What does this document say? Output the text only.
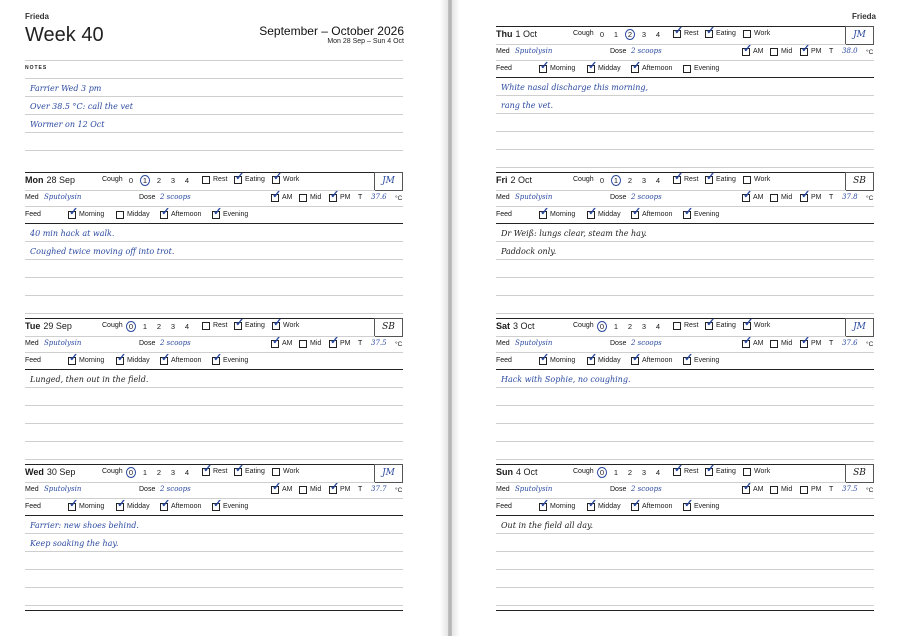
Frieda
Week 40	September – October 2026
Mon 28 Sep – Sun 4 Oct
NOTES
Farrier Wed 3 pm
Over 38.5 °C: call the vet
Wormer on 12 Oct
Mon 28 Sep	Cough 0	1	2	3	4	Rest ✓ Eating ✓ Work	JM
Med Sputolysin	Dose 2 scoops	✓ AM	Mid ✓ PM T 37.6 °C
Feed	✓ Morning	Midday ✓ Afternoon ✓ Evening
40 min hack at walk.
Coughed twice moving off into trot.
Tue 29 Sep	Cough 0	1	2	3	4	Rest ✓ Eating ✓ Work	SB
Med Sputolysin	Dose 2 scoops	✓ AM	Mid ✓ PM T 37.5 °C
Feed	✓ Morning ✓ Midday ✓ Afternoon ✓ Evening
Lunged, then out in the field.
Wed 30 Sep	Cough 0	1	2	3	4 ✓ Rest ✓ Eating	Work	JM
Med Sputolysin	Dose 2 scoops	✓ AM	Mid ✓ PM T 37.7 °C
Feed	✓ Morning ✓ Midday ✓ Afternoon ✓ Evening
Farrier: new shoes behind.
Keep soaking the hay.
Frieda
Thu 1 Oct	Cough 0	1	2	3	4 ✓ Rest ✓ Eating	Work	JM
Med Sputolysin	Dose 2 scoops	✓ AM	Mid ✓ PM T 38.0 °C
Feed	✓ Morning ✓ Midday ✓ Afternoon	Evening
White nasal discharge this morning,
rang the vet.
Fri 2 Oct	Cough 0	1	2	3	4 ✓ Rest ✓ Eating	Work	SB
Med Sputolysin	Dose 2 scoops	✓ AM	Mid ✓ PM T 37.8 °C
Feed	✓ Morning ✓ Midday ✓ Afternoon ✓ Evening
Dr Weiß: lungs clear, steam the hay.
Paddock only.
Sat 3 Oct	Cough 0	1	2	3	4	Rest ✓ Eating ✓ Work	JM
Med Sputolysin	Dose 2 scoops	✓ AM	Mid ✓ PM T 37.6 °C
Feed	✓ Morning ✓ Midday ✓ Afternoon ✓ Evening
Hack with Sophie, no coughing.
Sun 4 Oct	Cough 0	1	2	3	4 ✓ Rest ✓ Eating	Work	SB
Med Sputolysin	Dose 2 scoops	✓ AM	Mid	PM T 37.5 °C
Feed	✓ Morning ✓ Midday ✓ Afternoon ✓ Evening
Out in the field all day.
